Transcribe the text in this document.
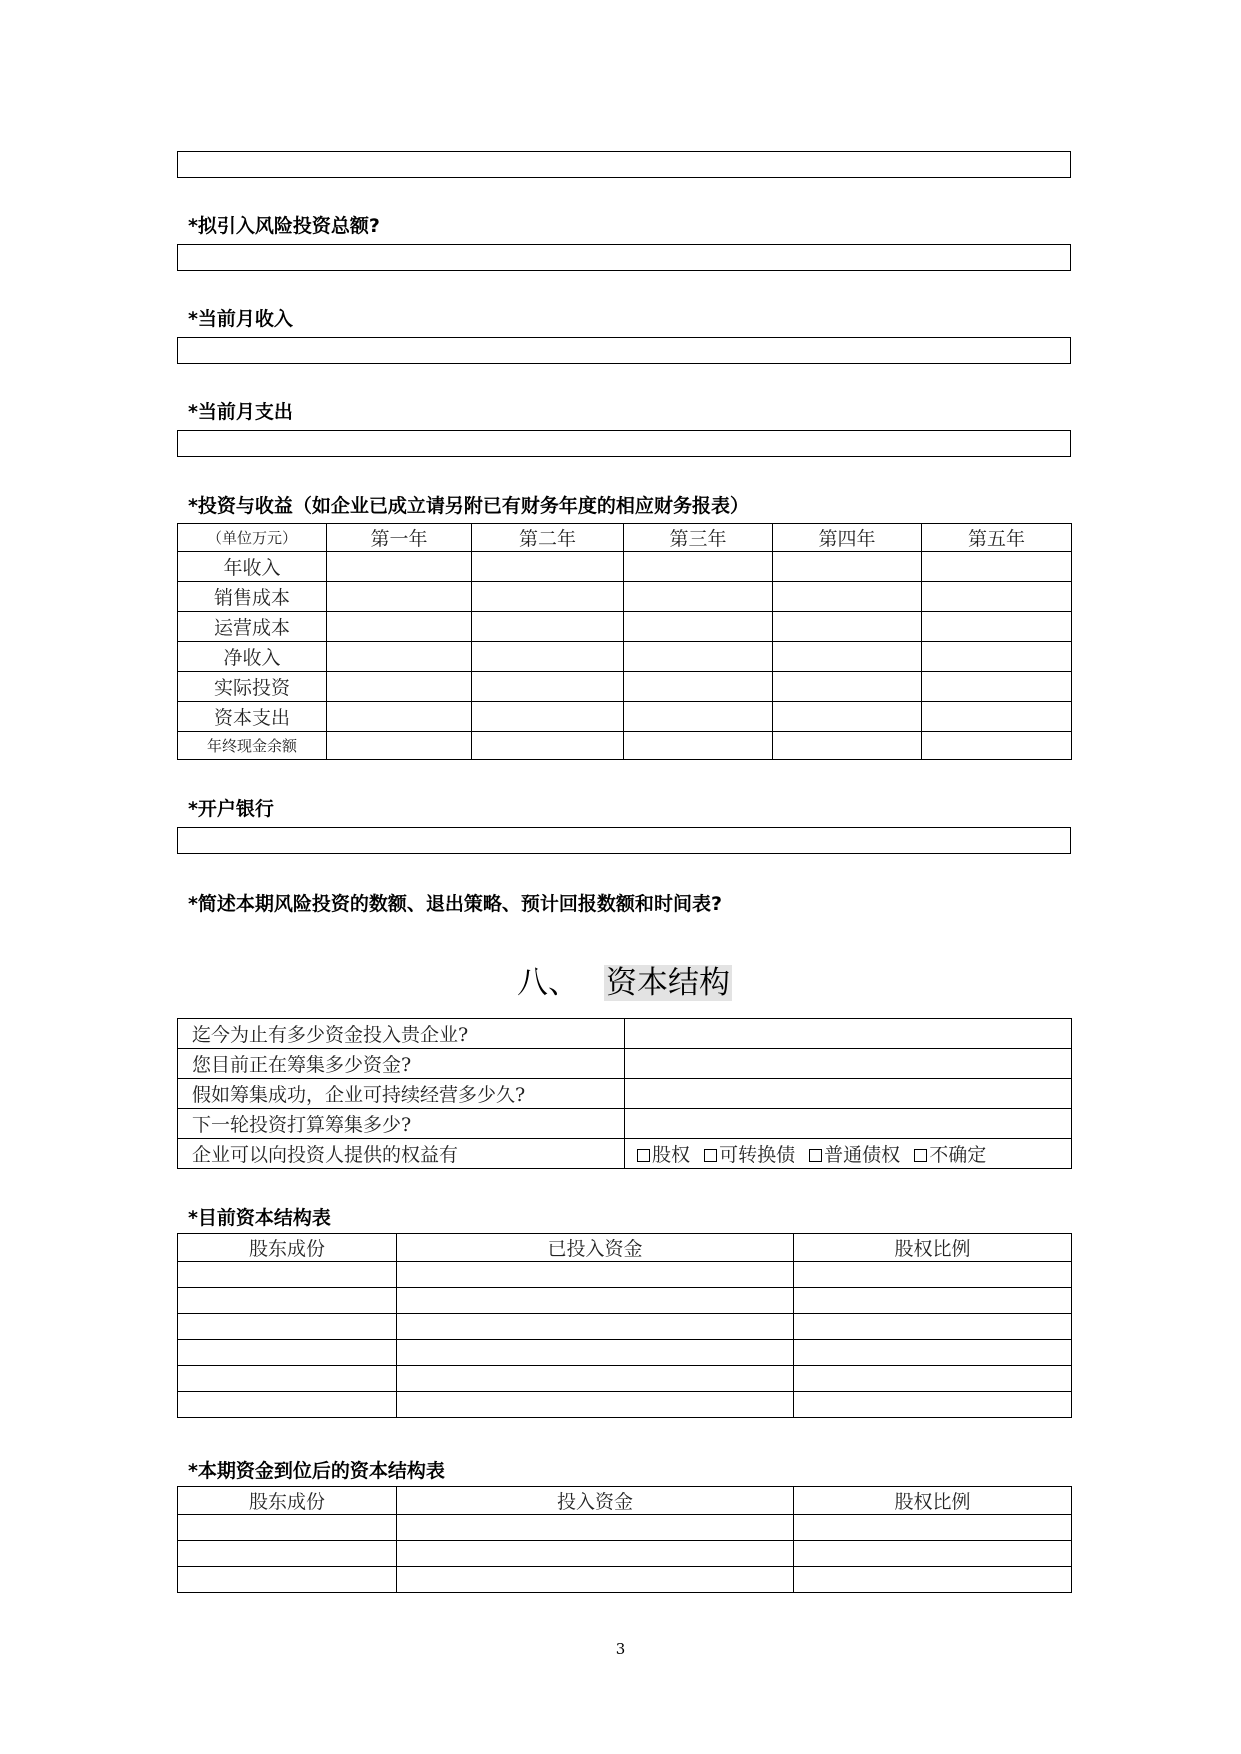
*拟引入风险投资总额?
*当前月收入
*当前月支出
*投资与收益（如企业已成立请另附已有财务年度的相应财务报表）
（单位万元）	第一年	第二年	第三年	第四年	第五年
年收入					
销售成本					
运营成本					
净收入					
实际投资					
资本支出					
年终现金余额					
*开户银行
*简述本期风险投资的数额、退出策略、预计回报数额和时间表?
八、 资本结构
迄今为止有多少资金投入贵企业?	
您目前正在筹集多少资金?	
假如筹集成功，企业可持续经营多少久?	
下一轮投资打算筹集多少?	
企业可以向投资人提供的权益有	股权 可转换债 普通债权 不确定
*目前资本结构表
股东成份	已投入资金	股权比例

*本期资金到位后的资本结构表
股东成份	投入资金	股权比例

3
